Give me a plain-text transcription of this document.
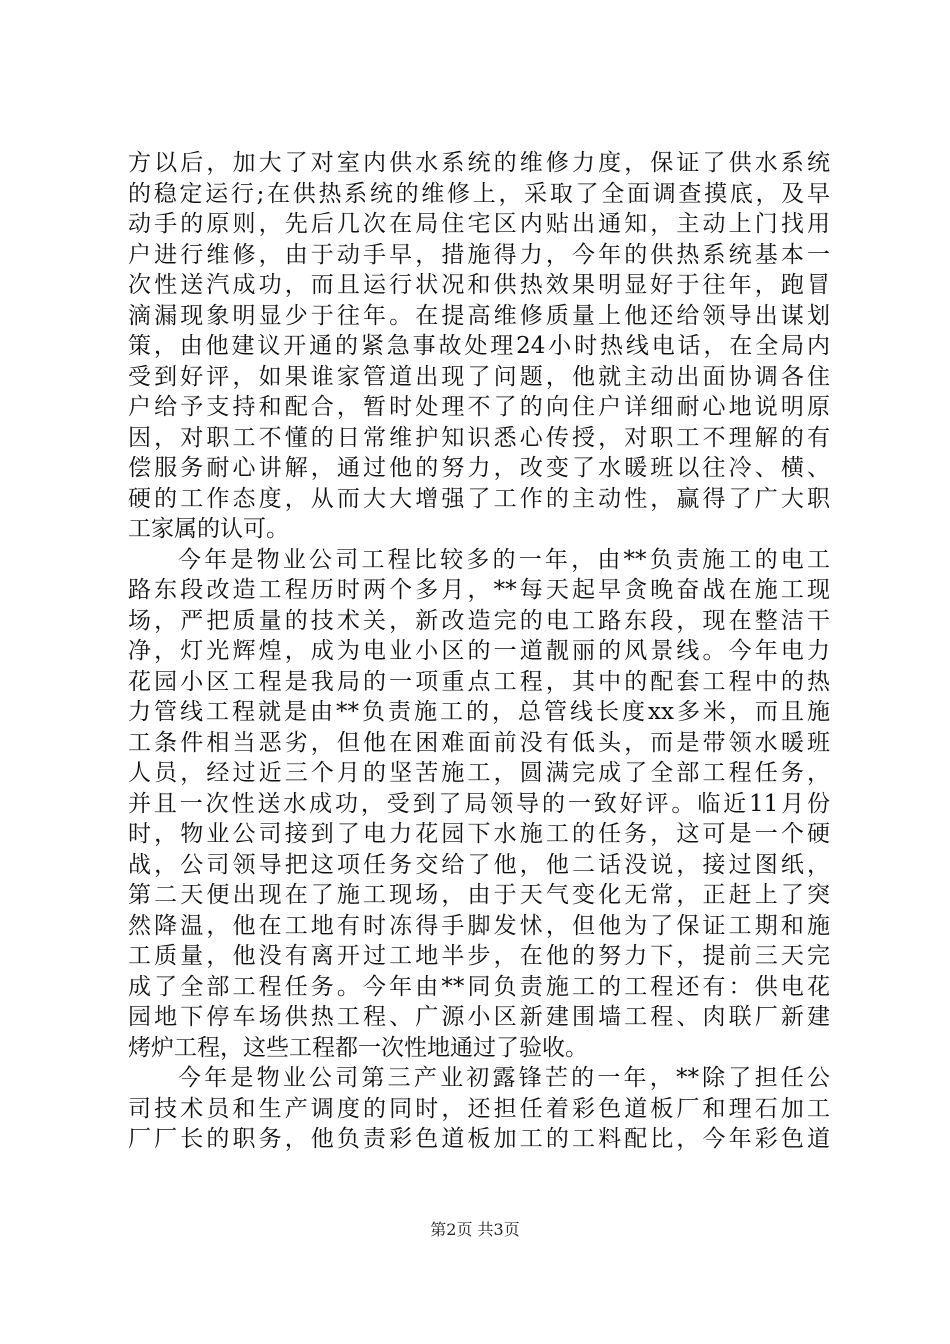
方以后，加大了对室内供水系统的维修力度，保证了供水系统
的稳定运行;在供热系统的维修上，采取了全面调查摸底，及早
动手的原则，先后几次在局住宅区内贴出通知，主动上门找用
户进行维修，由于动手早，措施得力，今年的供热系统基本一
次性送汽成功，而且运行状况和供热效果明显好于往年，跑冒
滴漏现象明显少于往年。在提高维修质量上他还给领导出谋划
策，由他建议开通的紧急事故处理24小时热线电话，在全局内
受到好评，如果谁家管道出现了问题，他就主动出面协调各住
户给予支持和配合，暂时处理不了的向住户详细耐心地说明原
因，对职工不懂的日常维护知识悉心传授，对职工不理解的有
偿服务耐心讲解，通过他的努力，改变了水暖班以往冷、横、
硬的工作态度，从而大大增强了工作的主动性，赢得了广大职
工家属的认可。
今年是物业公司工程比较多的一年，由**负责施工的电工
路东段改造工程历时两个多月，**每天起早贪晚奋战在施工现
场，严把质量的技术关，新改造完的电工路东段，现在整洁干
净，灯光辉煌，成为电业小区的一道靓丽的风景线。今年电力
花园小区工程是我局的一项重点工程，其中的配套工程中的热
力管线工程就是由**负责施工的，总管线长度xx多米，而且施
工条件相当恶劣，但他在困难面前没有低头，而是带领水暖班
人员，经过近三个月的坚苦施工，圆满完成了全部工程任务，
并且一次性送水成功，受到了局领导的一致好评。临近11月份
时，物业公司接到了电力花园下水施工的任务，这可是一个硬
战，公司领导把这项任务交给了他，他二话没说，接过图纸，
第二天便出现在了施工现场，由于天气变化无常，正赶上了突
然降温，他在工地有时冻得手脚发怵，但他为了保证工期和施
工质量，他没有离开过工地半步，在他的努力下，提前三天完
成了全部工程任务。今年由**同负责施工的工程还有：供电花
园地下停车场供热工程、广源小区新建围墙工程、肉联厂新建
烤炉工程，这些工程都一次性地通过了验收。
今年是物业公司第三产业初露锋芒的一年，**除了担任公
司技术员和生产调度的同时，还担任着彩色道板厂和理石加工
厂厂长的职务，他负责彩色道板加工的工料配比，今年彩色道
第2页 共3页
